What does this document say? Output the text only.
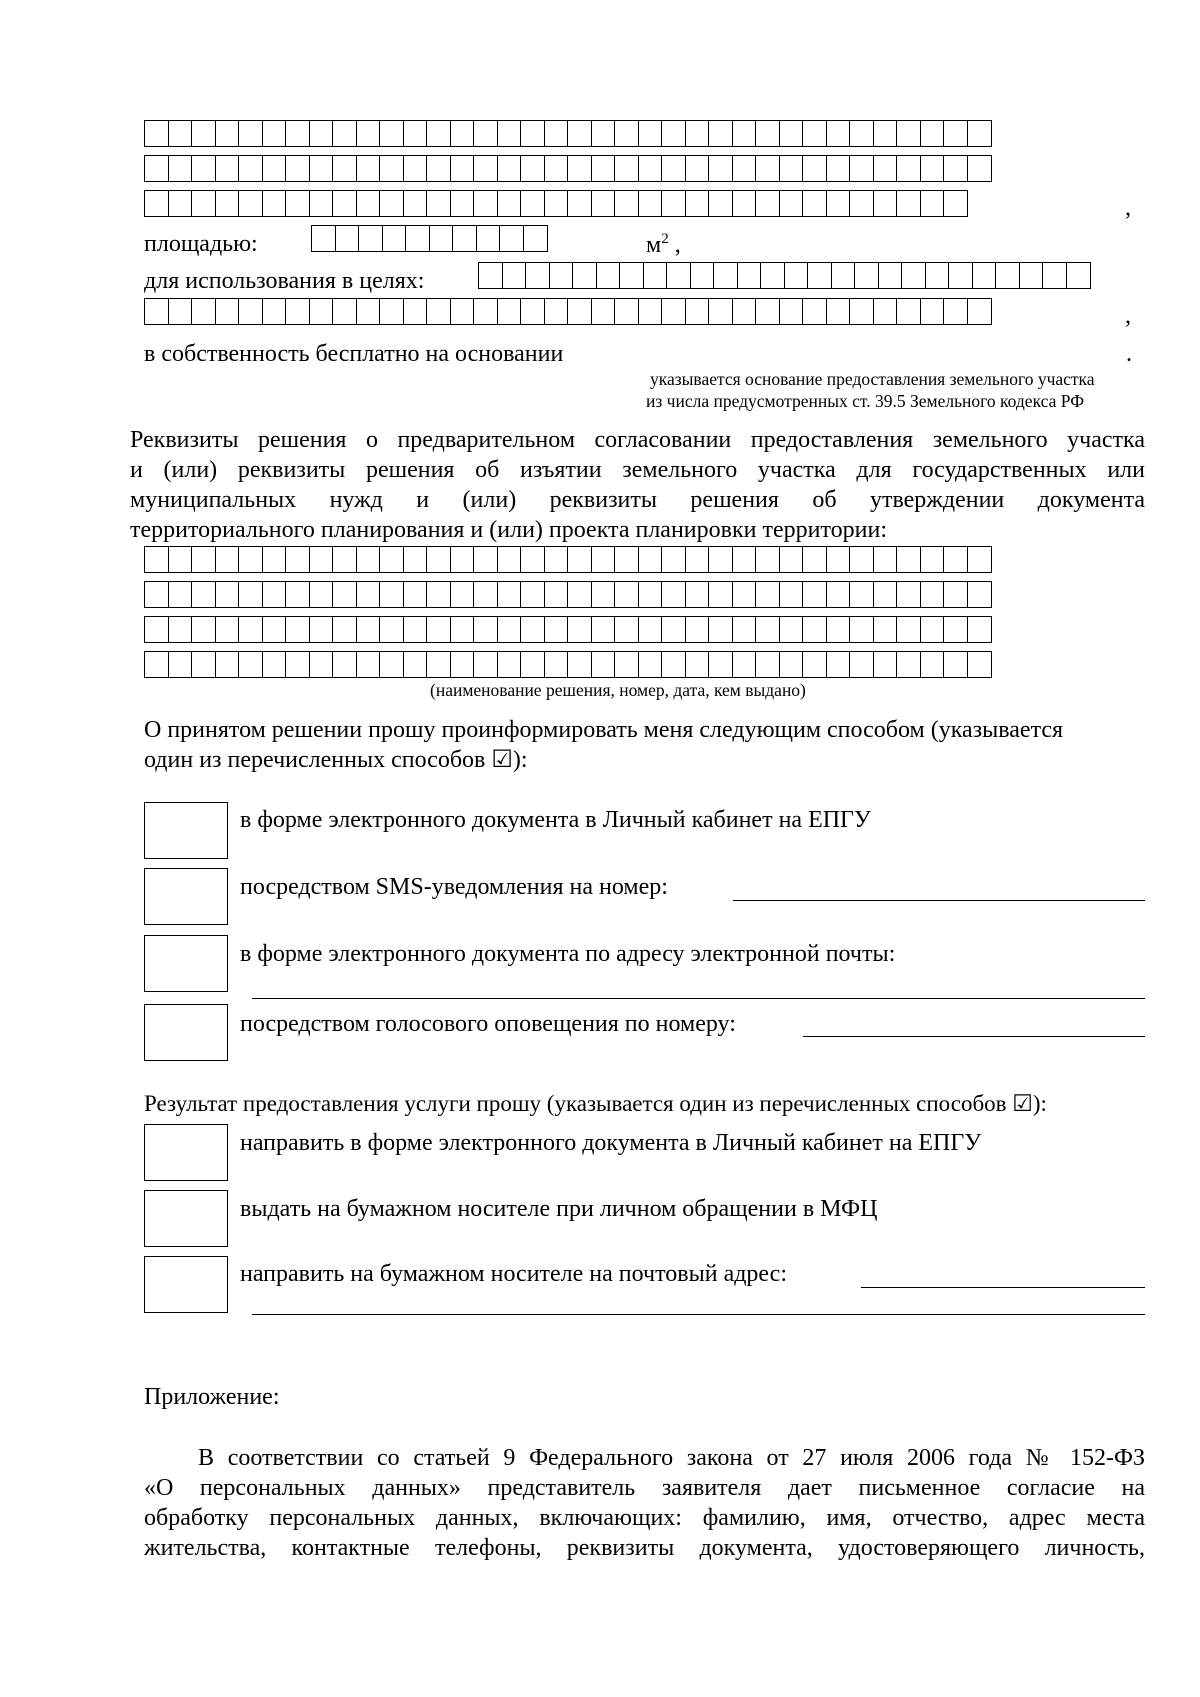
,
площадью:	$м^2$ ,
для использования в целях:
,
в собственность бесплатно на основании	.
указывается основание предоставления земельного участка
из числа предусмотренных ст. 39.5 Земельного кодекса РФ
Реквизиты решения о предварительном согласовании предоставления земельного участка
и (или) реквизиты решения об изъятии земельного участка для государственных или
муниципальных нужд и (или) реквизиты решения об утверждении документа
территориального планирования и (или) проекта планировки территории:
(наименование решения, номер, дата, кем выдано)
О принятом решении прошу проинформировать меня следующим способом (указывается
один из перечисленных способов ☑):
в форме электронного документа в Личный кабинет на ЕПГУ
посредством SMS-уведомления на номер:
в форме электронного документа по адресу электронной почты:
посредством голосового оповещения по номеру:
Результат предоставления услуги прошу (указывается один из перечисленных способов ☑):
направить в форме электронного документа в Личный кабинет на ЕПГУ
выдать на бумажном носителе при личном обращении в МФЦ
направить на бумажном носителе на почтовый адрес:
Приложение:
В соответствии со статьей 9 Федерального закона от 27 июля 2006 года № 152-ФЗ
«О персональных данных» представитель заявителя дает письменное согласие на
обработку персональных данных, включающих: фамилию, имя, отчество, адрес места
жительства, контактные телефоны, реквизиты документа, удостоверяющего личность,
